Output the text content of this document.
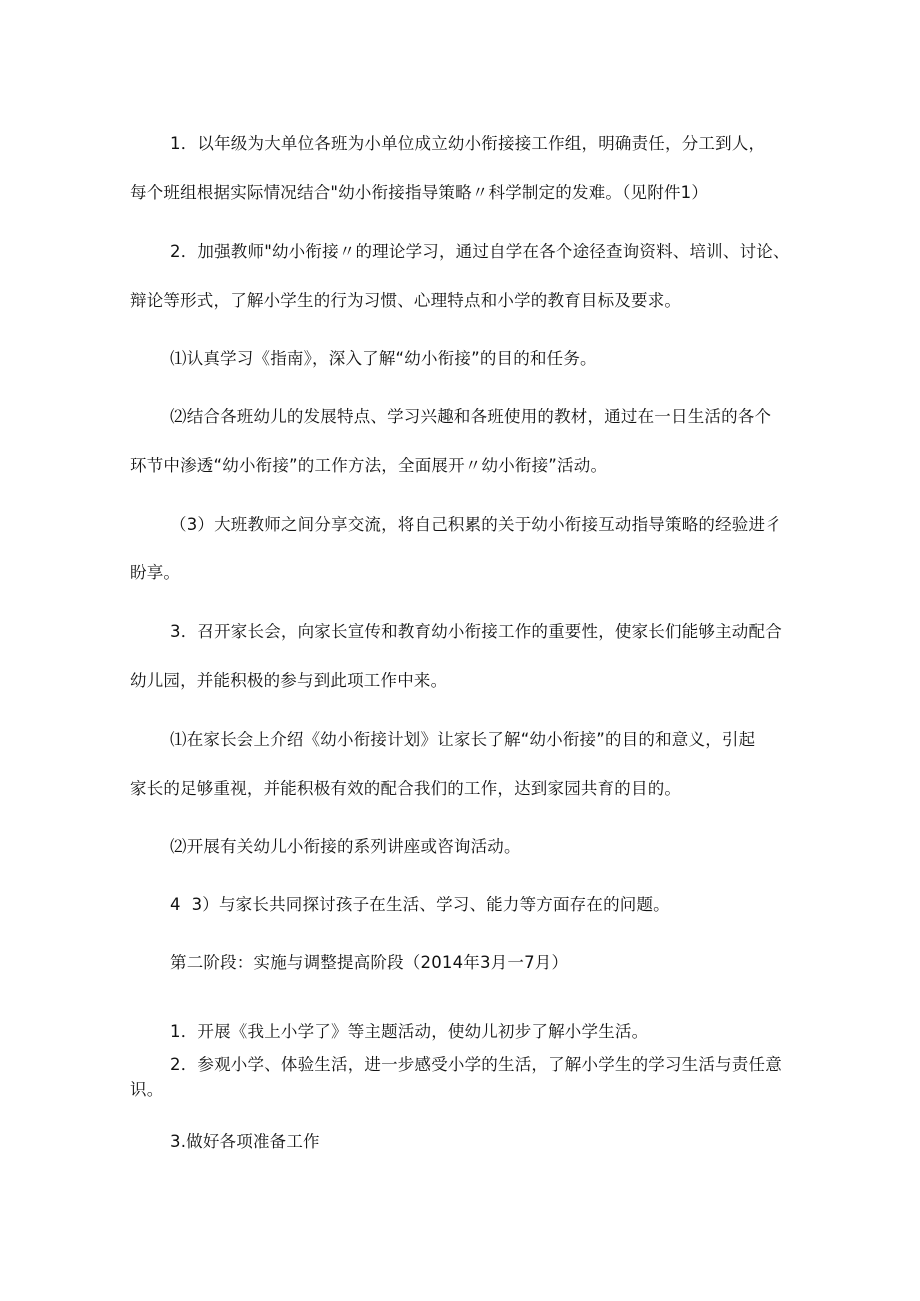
1．以年级为大单位各班为小单位成立幼小衔接接工作组，明确责任，分工到人，
每个班组根据实际情况结合"幼小衔接指导策略〃科学制定的发难。（见附件1）
2．加强教师"幼小衔接〃的理论学习，通过自学在各个途径查询资料、培训、讨论、
辩论等形式，了解小学生的行为习惯、心理特点和小学的教育目标及要求。
⑴认真学习《指南》，深入了解“幼小衔接”的目的和任务。
⑵结合各班幼儿的发展特点、学习兴趣和各班使用的教材，通过在一日生活的各个
环节中渗透“幼小衔接”的工作方法，全面展开〃幼小衔接”活动。
（3）大班教师之间分享交流，将自己积累的关于幼小衔接互动指导策略的经验进彳
盼享。
3．召开家长会，向家长宣传和教育幼小衔接工作的重要性，使家长们能够主动配合
幼儿园，并能积极的参与到此项工作中来。
⑴在家长会上介绍《幼小衔接计划》让家长了解“幼小衔接”的目的和意义，引起
家长的足够重视，并能积极有效的配合我们的工作，达到家园共育的目的。
⑵开展有关幼儿小衔接的系列讲座或咨询活动。
4  3）与家长共同探讨孩子在生活、学习、能力等方面存在的问题。
第二阶段：实施与调整提高阶段（2014年3月一7月）
1．开展《我上小学了》等主题活动，使幼儿初步了解小学生活。
2．参观小学、体验生活，进一步感受小学的生活，了解小学生的学习生活与责任意
识。
3.做好各项准备工作
